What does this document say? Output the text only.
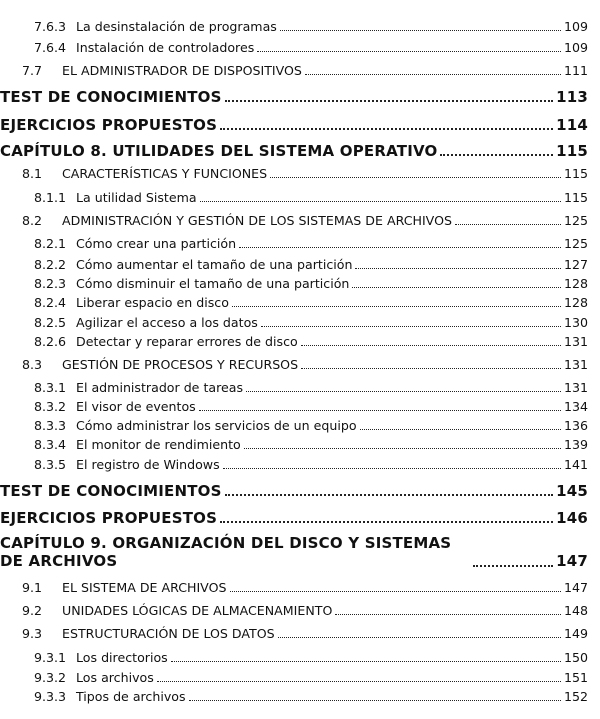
7.6.3 La desinstalación de programas	109
7.6.4 Instalación de controladores	109
7.7	EL ADMINISTRADOR DE DISPOSITIVOS	111
TEST DE CONOCIMIENTOS	113
EJERCICIOS PROPUESTOS	114
CAPÍTULO 8. UTILIDADES DEL SISTEMA OPERATIVO	115
8.1	CARACTERÍSTICAS Y FUNCIONES	115
8.1.1 La utilidad Sistema	115
8.2	ADMINISTRACIÓN Y GESTIÓN DE LOS SISTEMAS DE ARCHIVOS	125
8.2.1 Cómo crear una partición	125
8.2.2 Cómo aumentar el tamaño de una partición	127
8.2.3 Cómo disminuir el tamaño de una partición	128
8.2.4 Liberar espacio en disco	128
8.2.5 Agilizar el acceso a los datos	130
8.2.6 Detectar y reparar errores de disco	131
8.3	GESTIÓN DE PROCESOS Y RECURSOS	131
8.3.1 El administrador de tareas	131
8.3.2 El visor de eventos	134
8.3.3 Cómo administrar los servicios de un equipo	136
8.3.4 El monitor de rendimiento	139
8.3.5 El registro de Windows	141
TEST DE CONOCIMIENTOS	145
EJERCICIOS PROPUESTOS	146
CAPÍTULO 9. ORGANIZACIÓN DEL DISCO Y SISTEMAS DE ARCHIVOS	147
9.1	EL SISTEMA DE ARCHIVOS	147
9.2	UNIDADES LÓGICAS DE ALMACENAMIENTO	148
9.3	ESTRUCTURACIÓN DE LOS DATOS	149
9.3.1 Los directorios	150
9.3.2 Los archivos	151
9.3.3 Tipos de archivos	152
